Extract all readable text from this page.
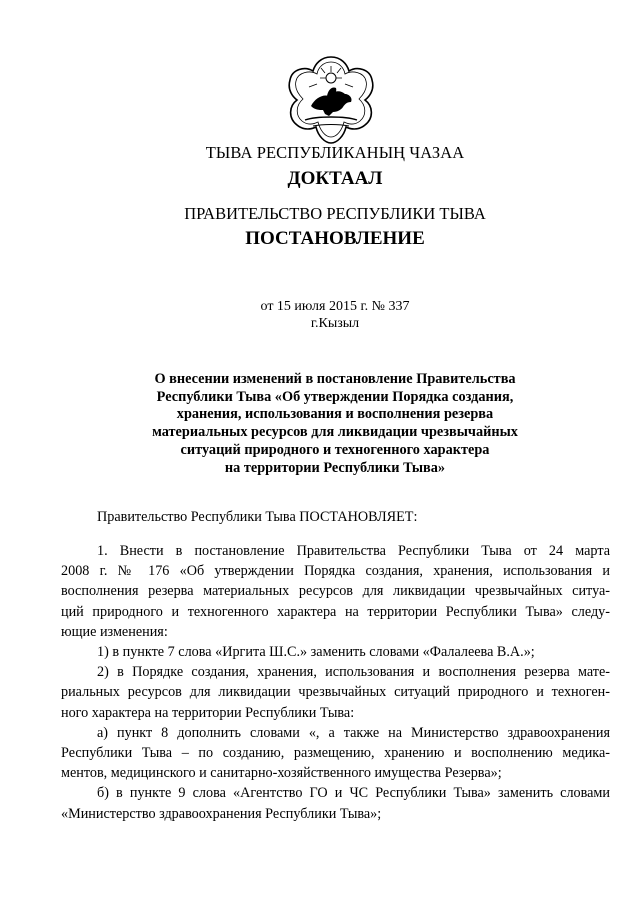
ТЫВА РЕСПУБЛИКАНЫҢ ЧАЗАА
ДОКТААЛ
ПРАВИТЕЛЬСТВО РЕСПУБЛИКИ ТЫВА
ПОСТАНОВЛЕНИЕ
от 15 июля 2015 г. № 337
г.Кызыл
О внесении изменений в постановление Правительства
Республики Тыва «Об утверждении Порядка создания,
хранения, использования и восполнения резерва
материальных ресурсов для ликвидации чрезвычайных
ситуаций природного и техногенного характера
на территории Республики Тыва»
Правительство Республики Тыва ПОСТАНОВЛЯЕТ:
1. Внести в постановление Правительства Республики Тыва от 24 марта
2008 г. № 176 «Об утверждении Порядка создания, хранения, использования и
восполнения резерва материальных ресурсов для ликвидации чрезвычайных ситуа-
ций природного и техногенного характера на территории Республики Тыва» следу-
ющие изменения:
1) в пункте 7 слова «Иргита Ш.С.» заменить словами «Фалалеева В.А.»;
2) в Порядке создания, хранения, использования и восполнения резерва мате-
риальных ресурсов для ликвидации чрезвычайных ситуаций природного и техноген-
ного характера на территории Республики Тыва:
а) пункт 8 дополнить словами «, а также на Министерство здравоохранения
Республики Тыва – по созданию, размещению, хранению и восполнению медика-
ментов, медицинского и санитарно-хозяйственного имущества Резерва»;
б) в пункте 9 слова «Агентство ГО и ЧС Республики Тыва» заменить словами
«Министерство здравоохранения Республики Тыва»;
